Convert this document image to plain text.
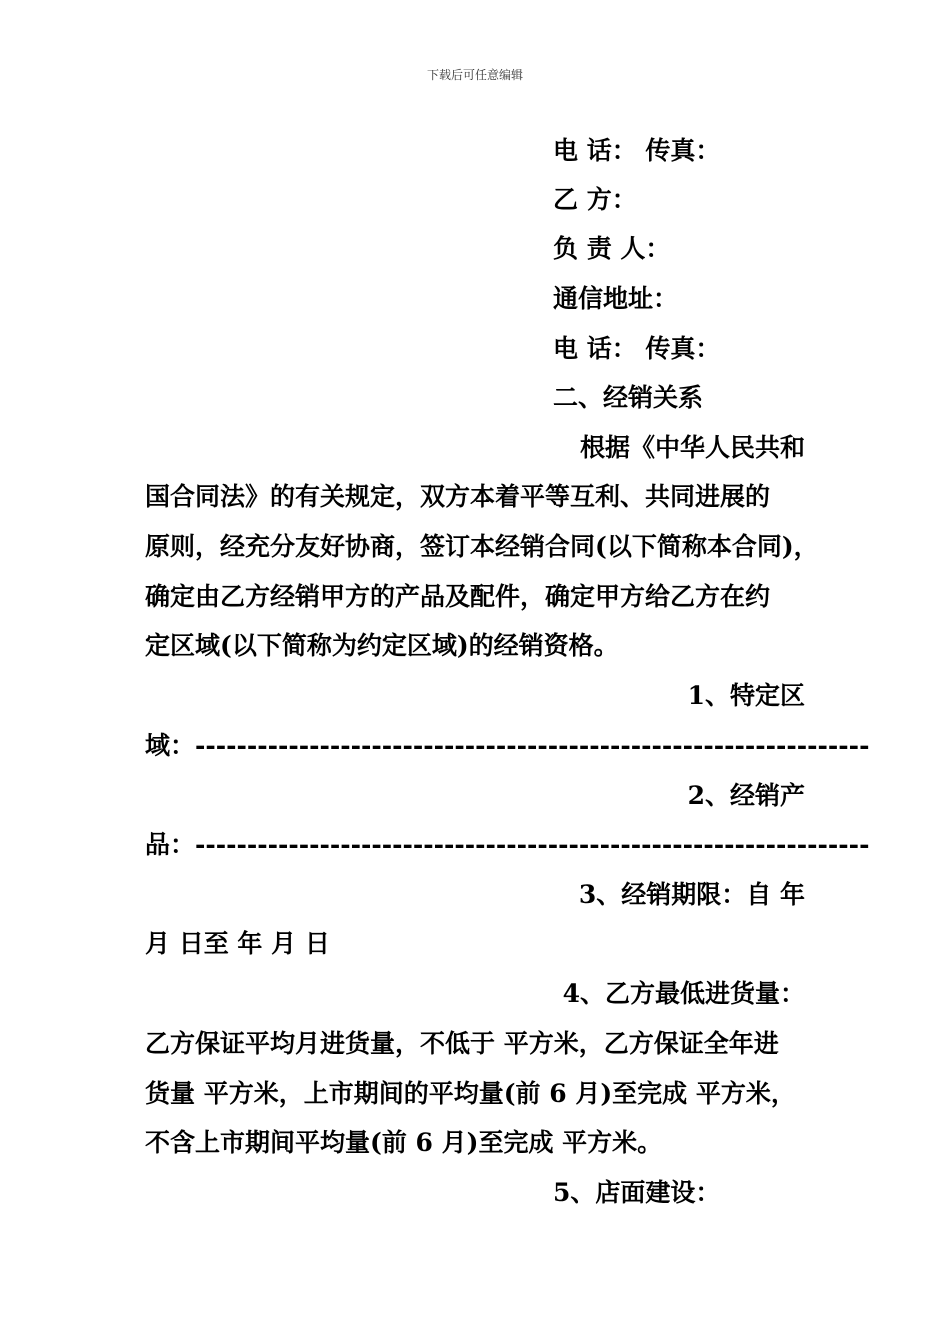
下载后可任意编辑
电 话： 传真：
乙 方：
负 责 人：
通信地址：
电 话： 传真：
二、经销关系
根据《中华人民共和
国合同法》的有关规定，双方本着平等互利、共同进展的
原则，经充分友好协商，签订本经销合同(以下简称本合同)，
确定由乙方经销甲方的产品及配件，确定甲方给乙方在约
定区域(以下简称为约定区域)的经销资格。
1、特定区
域：-----------------------------------------------------------------
2、经销产
品：-----------------------------------------------------------------
3、经销期限：自 年
月 日至 年 月 日
4、乙方最低进货量：
乙方保证平均月进货量，不低于 平方米，乙方保证全年进
货量 平方米，上市期间的平均量(前 6 月)至完成 平方米，
不含上市期间平均量(前 6 月)至完成 平方米。
5、店面建设：
